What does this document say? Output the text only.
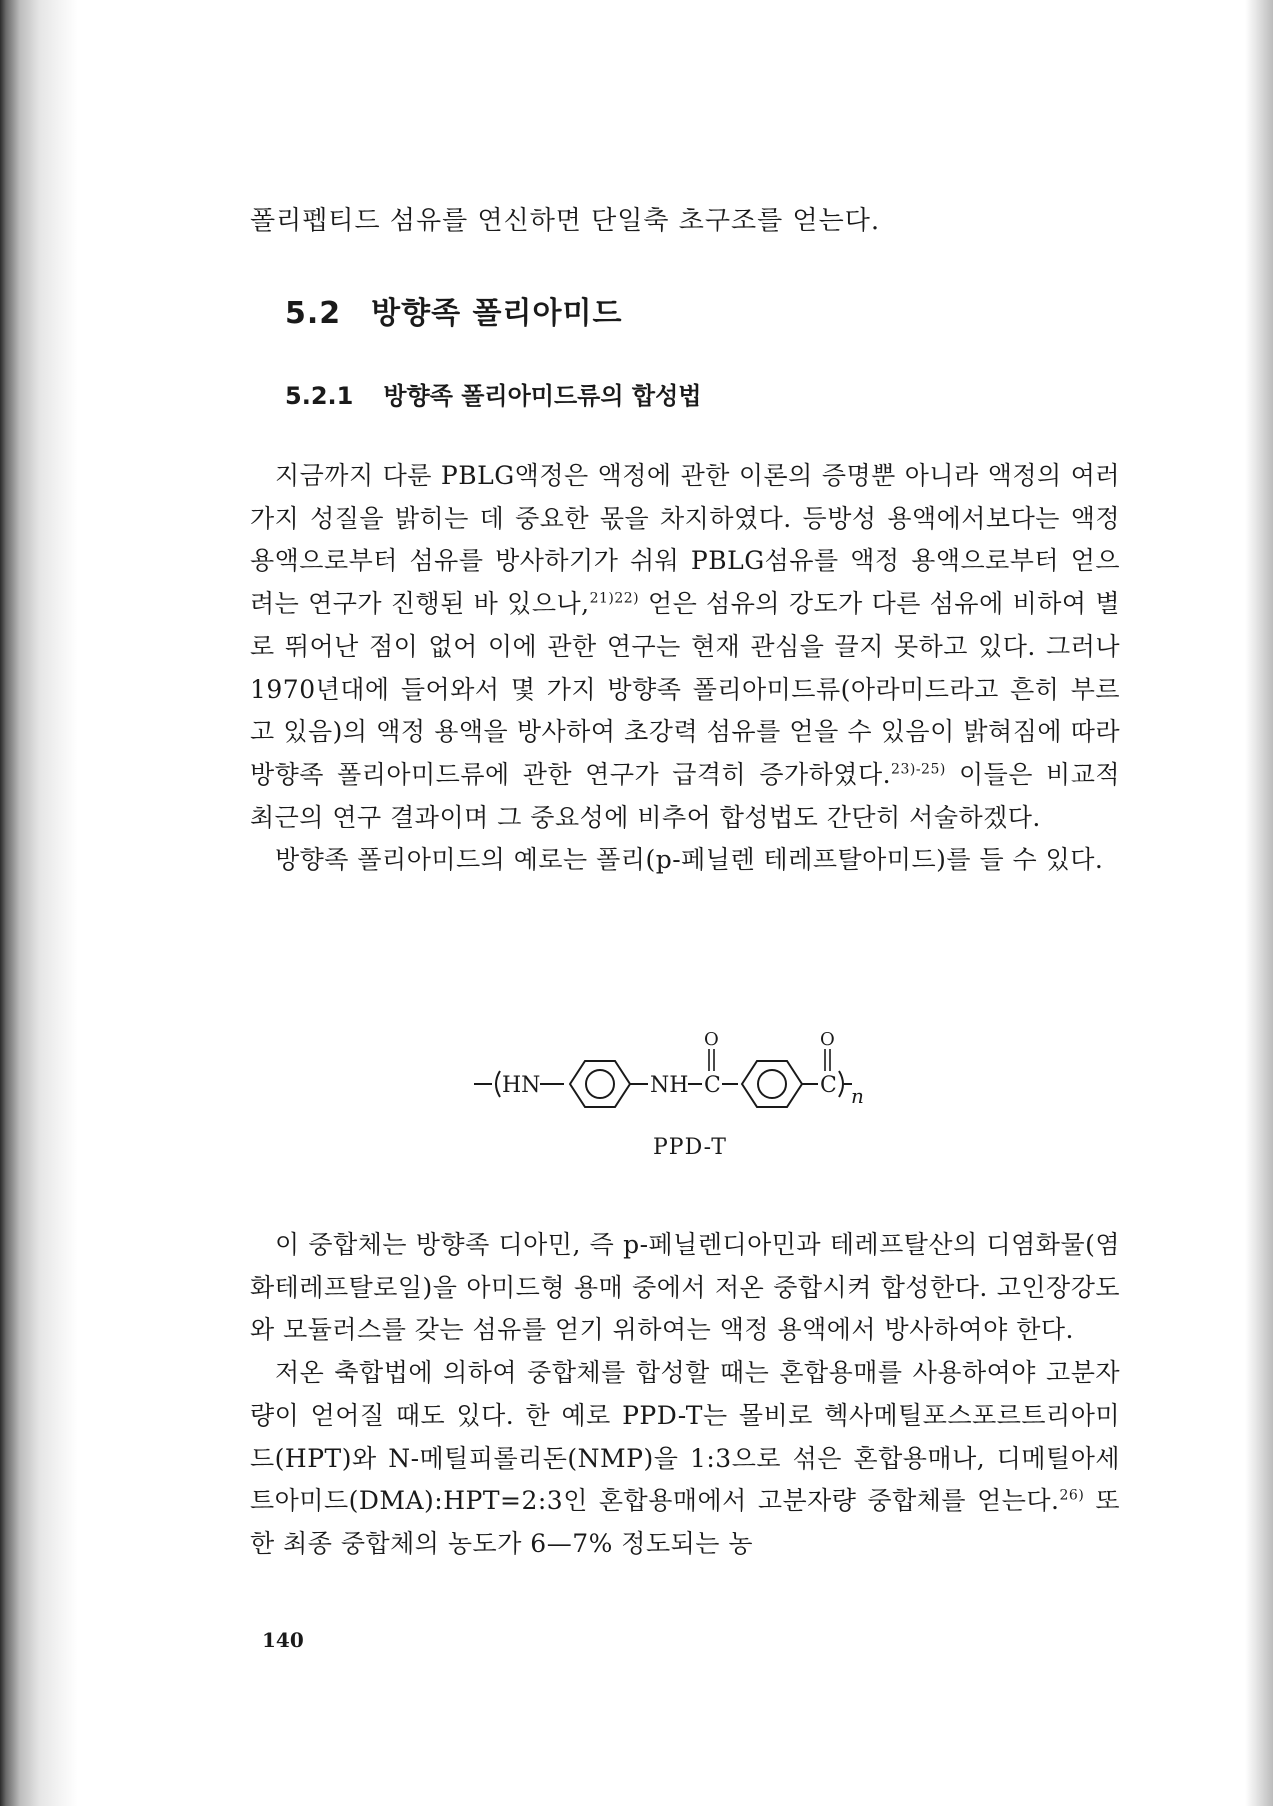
폴리펩티드 섬유를 연신하면 단일축 초구조를 얻는다.
5.2 방향족 폴리아미드
5.2.1 방향족 폴리아미드류의 합성법

지금까지 다룬 PBLG액정은 액정에 관한 이론의 증명뿐 아니라 액정의 여러가지 성질을 밝히는 데 중요한 몫을 차지하였다. 등방성 용액에서보다는 액정 용액으로부터 섬유를 방사하기가 쉬워 PBLG섬유를 액정 용액으로부터 얻으려는 연구가 진행된 바 있으나,$^{21)22)}$ 얻은 섬유의 강도가 다른 섬유에 비하여 별로 뛰어난 점이 없어 이에 관한 연구는 현재 관심을 끌지 못하고 있다. 그러나 1970년대에 들어와서 몇 가지 방향족 폴리아미드류(아라미드라고 흔히 부르고 있음)의 액정 용액을 방사하여 초강력 섬유를 얻을 수 있음이 밝혀짐에 따라 방향족 폴리아미드류에 관한 연구가 급격히 증가하였다.$^{23)-25)}$ 이들은 비교적 최근의 연구 결과이며 그 중요성에 비추어 합성법도 간단히 서술하겠다.

방향족 폴리아미드의 예로는 폴리(p-페닐렌 테레프탈아미드)를 들 수 있다.

HN	NH C
O
C
O
n
PPD-T

이 중합체는 방향족 디아민, 즉 p-페닐렌디아민과 테레프탈산의 디염화물(염화테레프탈로일)을 아미드형 용매 중에서 저온 중합시켜 합성한다. 고인장강도와 모듈러스를 갖는 섬유를 얻기 위하여는 액정 용액에서 방사하여야 한다.

저온 축합법에 의하여 중합체를 합성할 때는 혼합용매를 사용하여야 고분자량이 얻어질 때도 있다. 한 예로 PPD-T는 몰비로 헥사메틸포스포르트리아미드(HPT)와 N-메틸피롤리돈(NMP)을 1:3으로 섞은 혼합용매나, 디메틸아세트아미드(DMA):HPT=2:3인 혼합용매에서 고분자량 중합체를 얻는다.$^{26)}$ 또한 최종 중합체의 농도가 6—7% 정도되는 농

140
